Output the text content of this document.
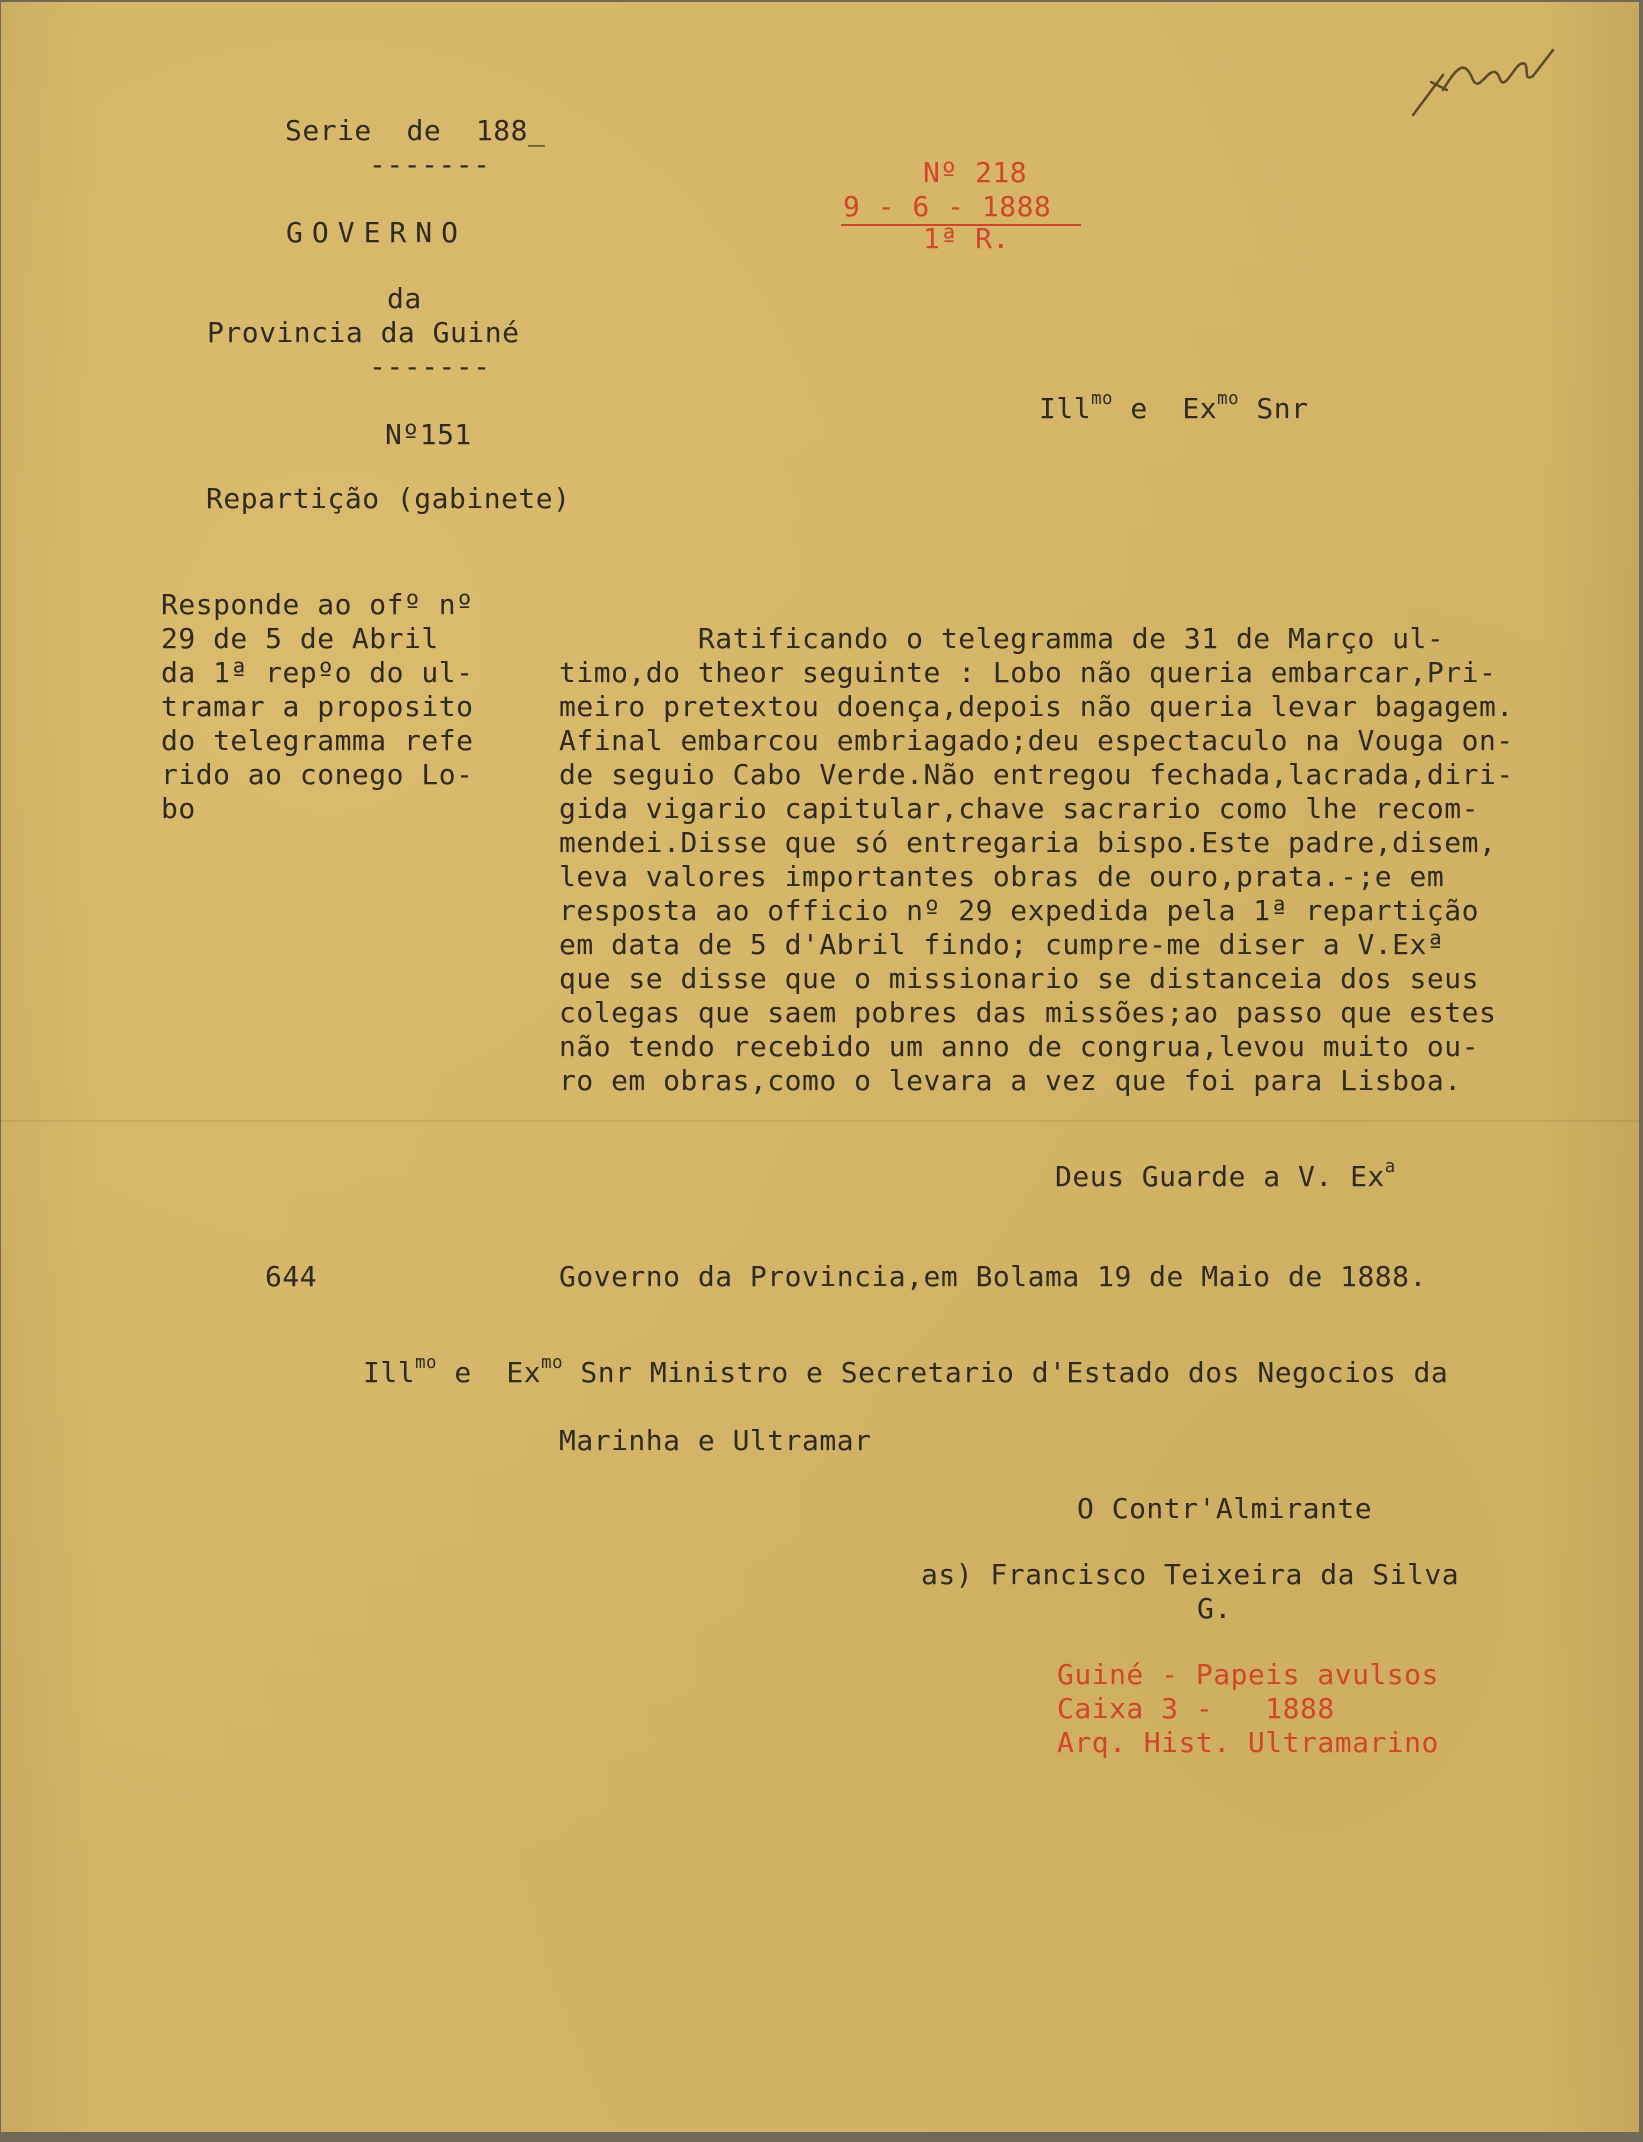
Serie  de  188_
-------
GOVERNO
da
Provincia da Guiné
-------
Nº151
Repartição (gabinete)
Nº 218
9 - 6 - 1888
1ª R.
Ill$^{mo}$ e  $Ex^{mo}$ Snr
Responde ao ofº nº
29 de 5 de Abril
da 1ª repºo do ul-
tramar a proposito
do telegramma refe
rido ao conego Lo-
bo
Ratificando o telegramma de 31 de Março ul-
timo,do theor seguinte : Lobo não queria embarcar,Pri-
meiro pretextou doença,depois não queria levar bagagem.
Afinal embarcou embriagado;deu espectaculo na Vouga on-
de seguio Cabo Verde.Não entregou fechada,lacrada,diri-
gida vigario capitular,chave sacrario como lhe recom-
mendei.Disse que só entregaria bispo.Este padre,disem,
leva valores importantes obras de ouro,prata.-;e em
resposta ao officio nº 29 expedida pela 1ª repartição
em data de 5 d'Abril findo; cumpre-me diser a V.Exª
que se disse que o missionario se distanceia dos seus
colegas que saem pobres das missões;ao passo que estes
não tendo recebido um anno de congrua,levou muito ou-
ro em obras,como o levara a vez que foi para Lisboa.
Deus Guarde a V. Ex$^a$
644	Governo da Provincia,em Bolama 19 de Maio de 1888.
Ill$^{mo}$ e  $Ex^{mo}$ Snr Ministro e Secretario d'Estado dos Negocios da
Marinha e Ultramar
O Contr'Almirante
as) Francisco Teixeira da Silva
G.
Guiné - Papeis avulsos
Caixa 3 -   1888
Arq. Hist. Ultramarino
